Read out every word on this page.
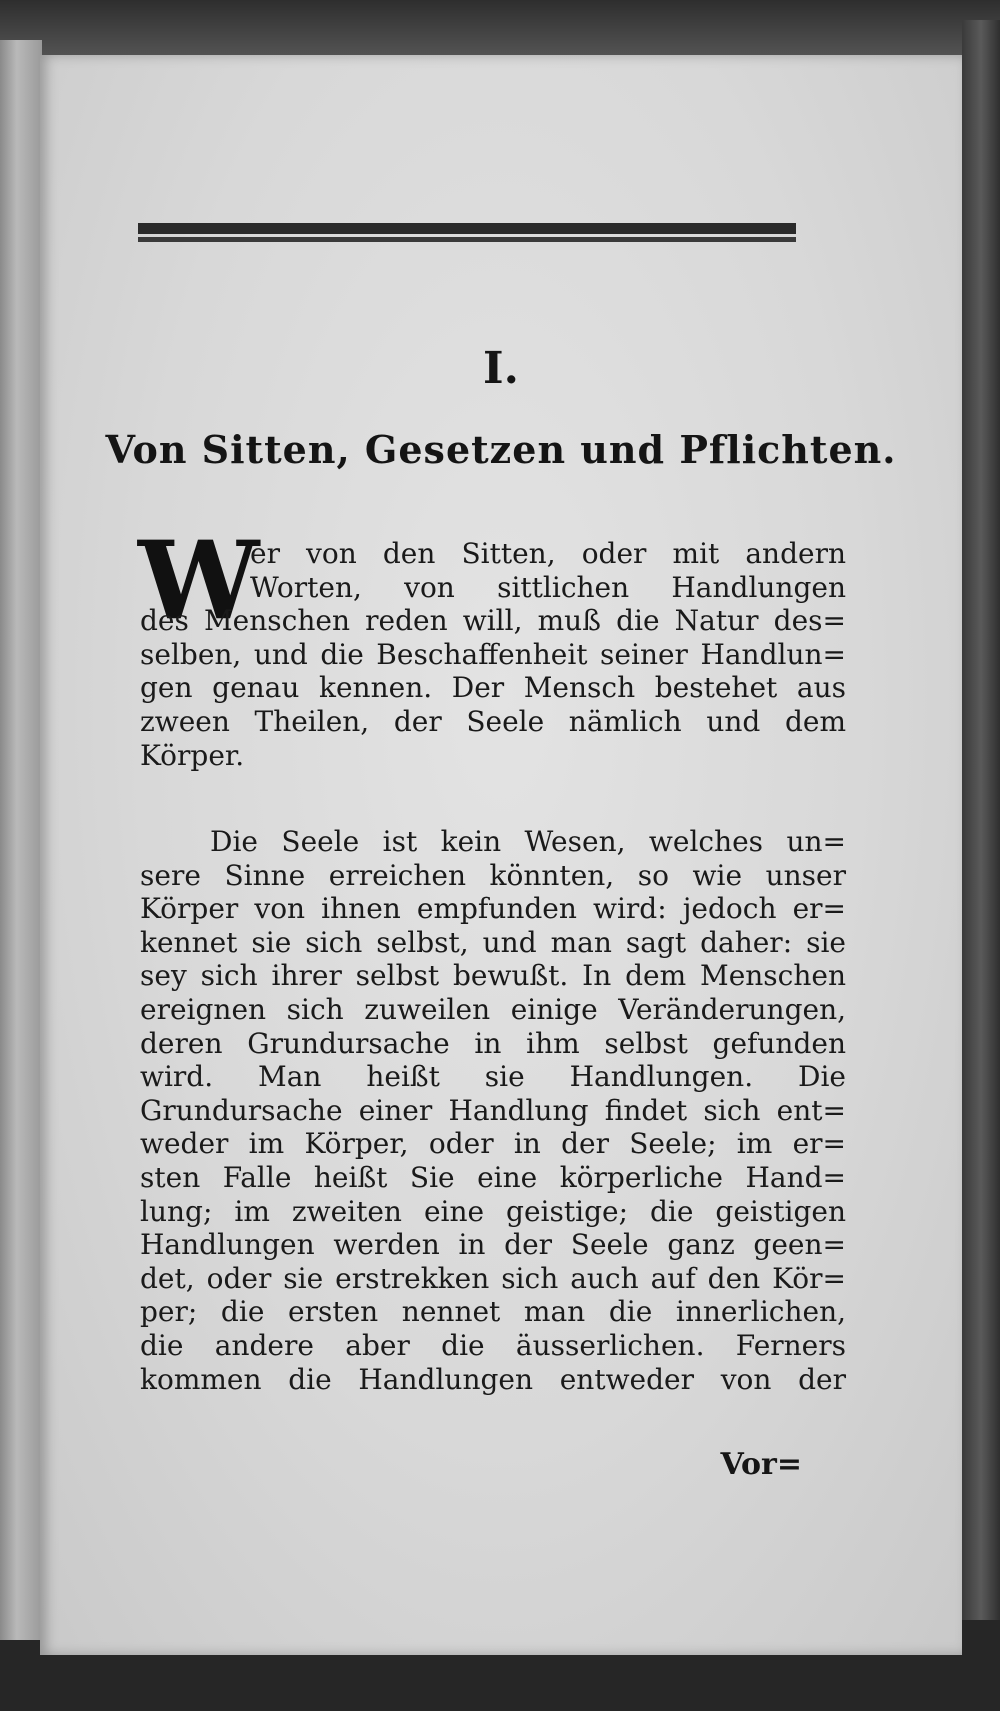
I.
Von Sitten, Gesetzen und Pflichten.
W
er von den Sitten, oder mit andern
Worten, von sittlichen Handlungen
des Menschen reden will, muß die Natur des=
selben, und die Beschaffenheit seiner Handlun=
gen genau kennen. Der Mensch bestehet aus
zween Theilen, der Seele nämlich und dem
Körper.
Die Seele ist kein Wesen, welches un=
sere Sinne erreichen könnten, so wie unser
Körper von ihnen empfunden wird: jedoch er=
kennet sie sich selbst, und man sagt daher: sie
sey sich ihrer selbst bewußt. In dem Menschen
ereignen sich zuweilen einige Veränderungen,
deren Grundursache in ihm selbst gefunden
wird. Man heißt sie Handlungen. Die
Grundursache einer Handlung findet sich ent=
weder im Körper, oder in der Seele; im er=
sten Falle heißt Sie eine körperliche Hand=
lung; im zweiten eine geistige; die geistigen
Handlungen werden in der Seele ganz geen=
det, oder sie erstrekken sich auch auf den Kör=
per; die ersten nennet man die innerlichen,
die andere aber die äusserlichen. Ferners
kommen die Handlungen entweder von der
Vor=
